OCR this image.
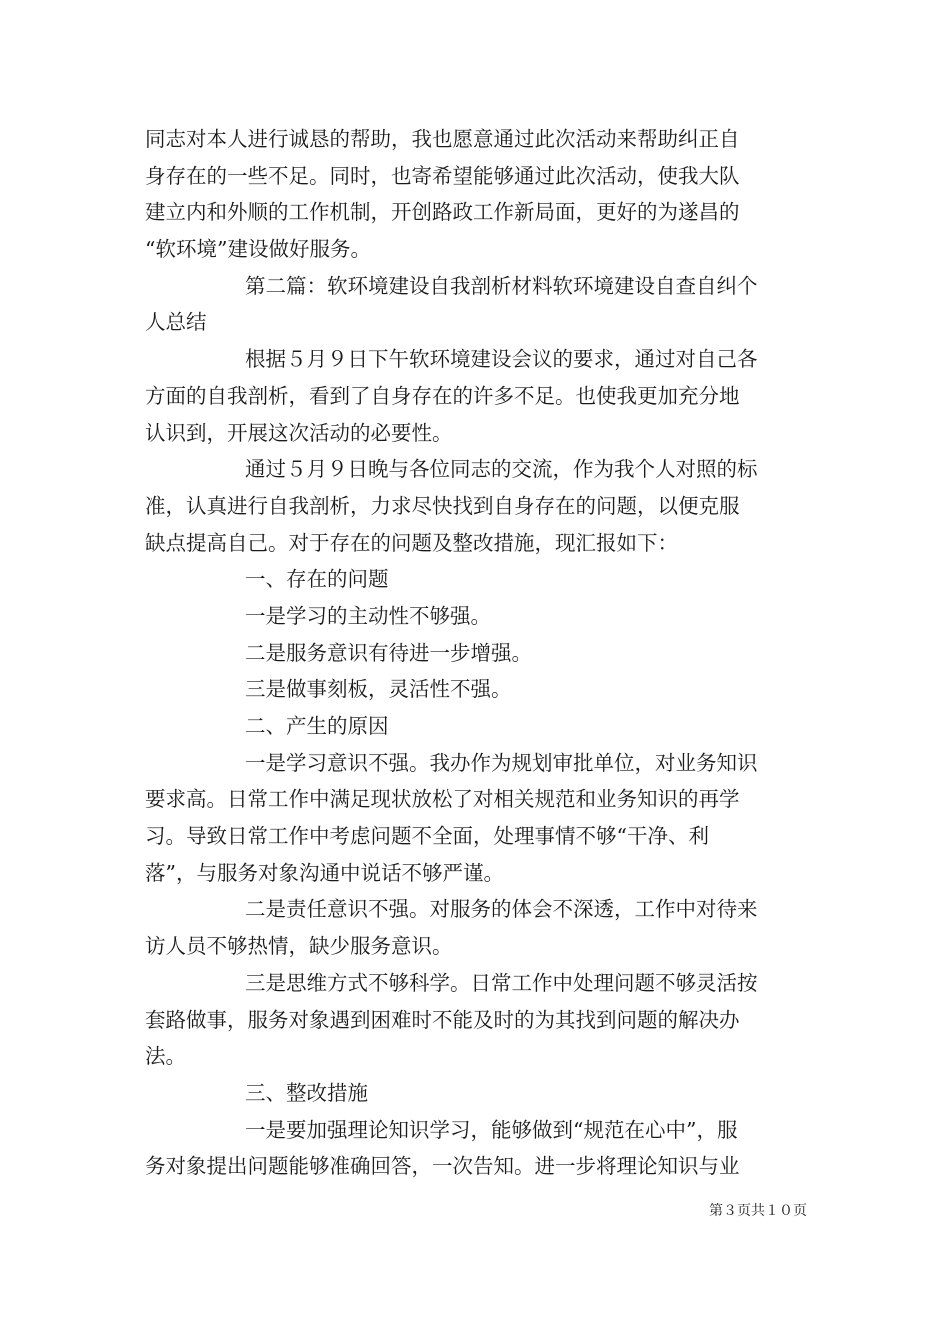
同志对本人进行诚恳的帮助，我也愿意通过此次活动来帮助纠正自
身存在的一些不足。同时，也寄希望能够通过此次活动，使我大队
建立内和外顺的工作机制，开创路政工作新局面，更好的为遂昌的
“软环境”建设做好服务。
第二篇：软环境建设自我剖析材料软环境建设自查自纠个
人总结
根据５月９日下午软环境建设会议的要求，通过对自己各
方面的自我剖析，看到了自身存在的许多不足。也使我更加充分地
认识到，开展这次活动的必要性。
通过５月９日晚与各位同志的交流，作为我个人对照的标
准，认真进行自我剖析，力求尽快找到自身存在的问题，以便克服
缺点提高自己。对于存在的问题及整改措施，现汇报如下：
一、存在的问题
一是学习的主动性不够强。
二是服务意识有待进一步增强。
三是做事刻板，灵活性不强。
二、产生的原因
一是学习意识不强。我办作为规划审批单位，对业务知识
要求高。日常工作中满足现状放松了对相关规范和业务知识的再学
习。导致日常工作中考虑问题不全面，处理事情不够“干净、利
落”，与服务对象沟通中说话不够严谨。
二是责任意识不强。对服务的体会不深透，工作中对待来
访人员不够热情，缺少服务意识。
三是思维方式不够科学。日常工作中处理问题不够灵活按
套路做事，服务对象遇到困难时不能及时的为其找到问题的解决办
法。
三、整改措施
一是要加强理论知识学习，能够做到“规范在心中”，服
务对象提出问题能够准确回答，一次告知。进一步将理论知识与业
第３页共１０页
